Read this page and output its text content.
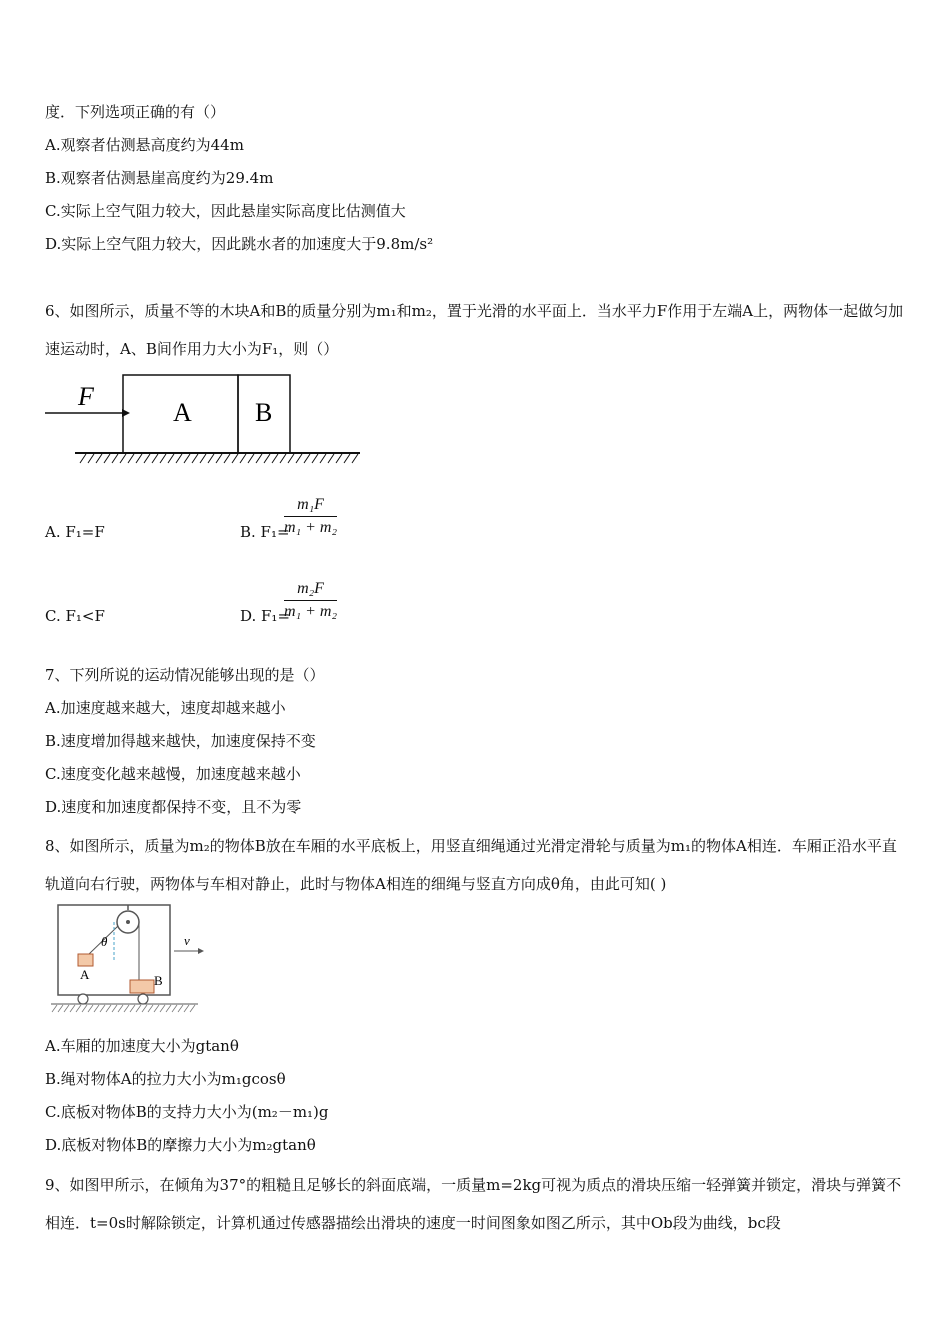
度．下列选项正确的有（）
A.观察者估测悬高度约为44m
B.观察者估测悬崖高度约为29.4m
C.实际上空气阻力较大，因此悬崖实际高度比估测值大
D.实际上空气阻力较大，因此跳水者的加速度大于9.8m/s²
6、如图所示，质量不等的木块A和B的质量分别为m₁和m₂，置于光滑的水平面上．当水平力F作用于左端A上，两物体一起做匀加速运动时，A、B间作用力大小为F₁，则（）
F
A B
A. F₁=F	B. F₁=
m₁F
m₁ + m₂
C. F₁<F	D. F₁=
m₂F
m₁ + m₂
7、下列所说的运动情况能够出现的是（）
A.加速度越来越大，速度却越来越小
B.速度增加得越来越快，加速度保持不变
C.速度变化越来越慢，加速度越来越小
D.速度和加速度都保持不变，且不为零
8、如图所示，质量为m₂的物体B放在车厢的水平底板上，用竖直细绳通过光滑定滑轮与质量为m₁的物体A相连．车厢正沿水平直轨道向右行驶，两物体与车相对静止，此时与物体A相连的细绳与竖直方向成θ角，由此可知( )
θ
A	B
v
A.车厢的加速度大小为gtanθ
B.绳对物体A的拉力大小为m₁gcosθ
C.底板对物体B的支持力大小为(m₂－m₁)g
D.底板对物体B的摩擦力大小为m₂gtanθ
9、如图甲所示，在倾角为37°的粗糙且足够长的斜面底端，一质量m=2kg可视为质点的滑块压缩一轻弹簧并锁定，滑块与弹簧不相连．t=0s时解除锁定，计算机通过传感器描绘出滑块的速度一时间图象如图乙所示，其中Ob段为曲线，bc段
